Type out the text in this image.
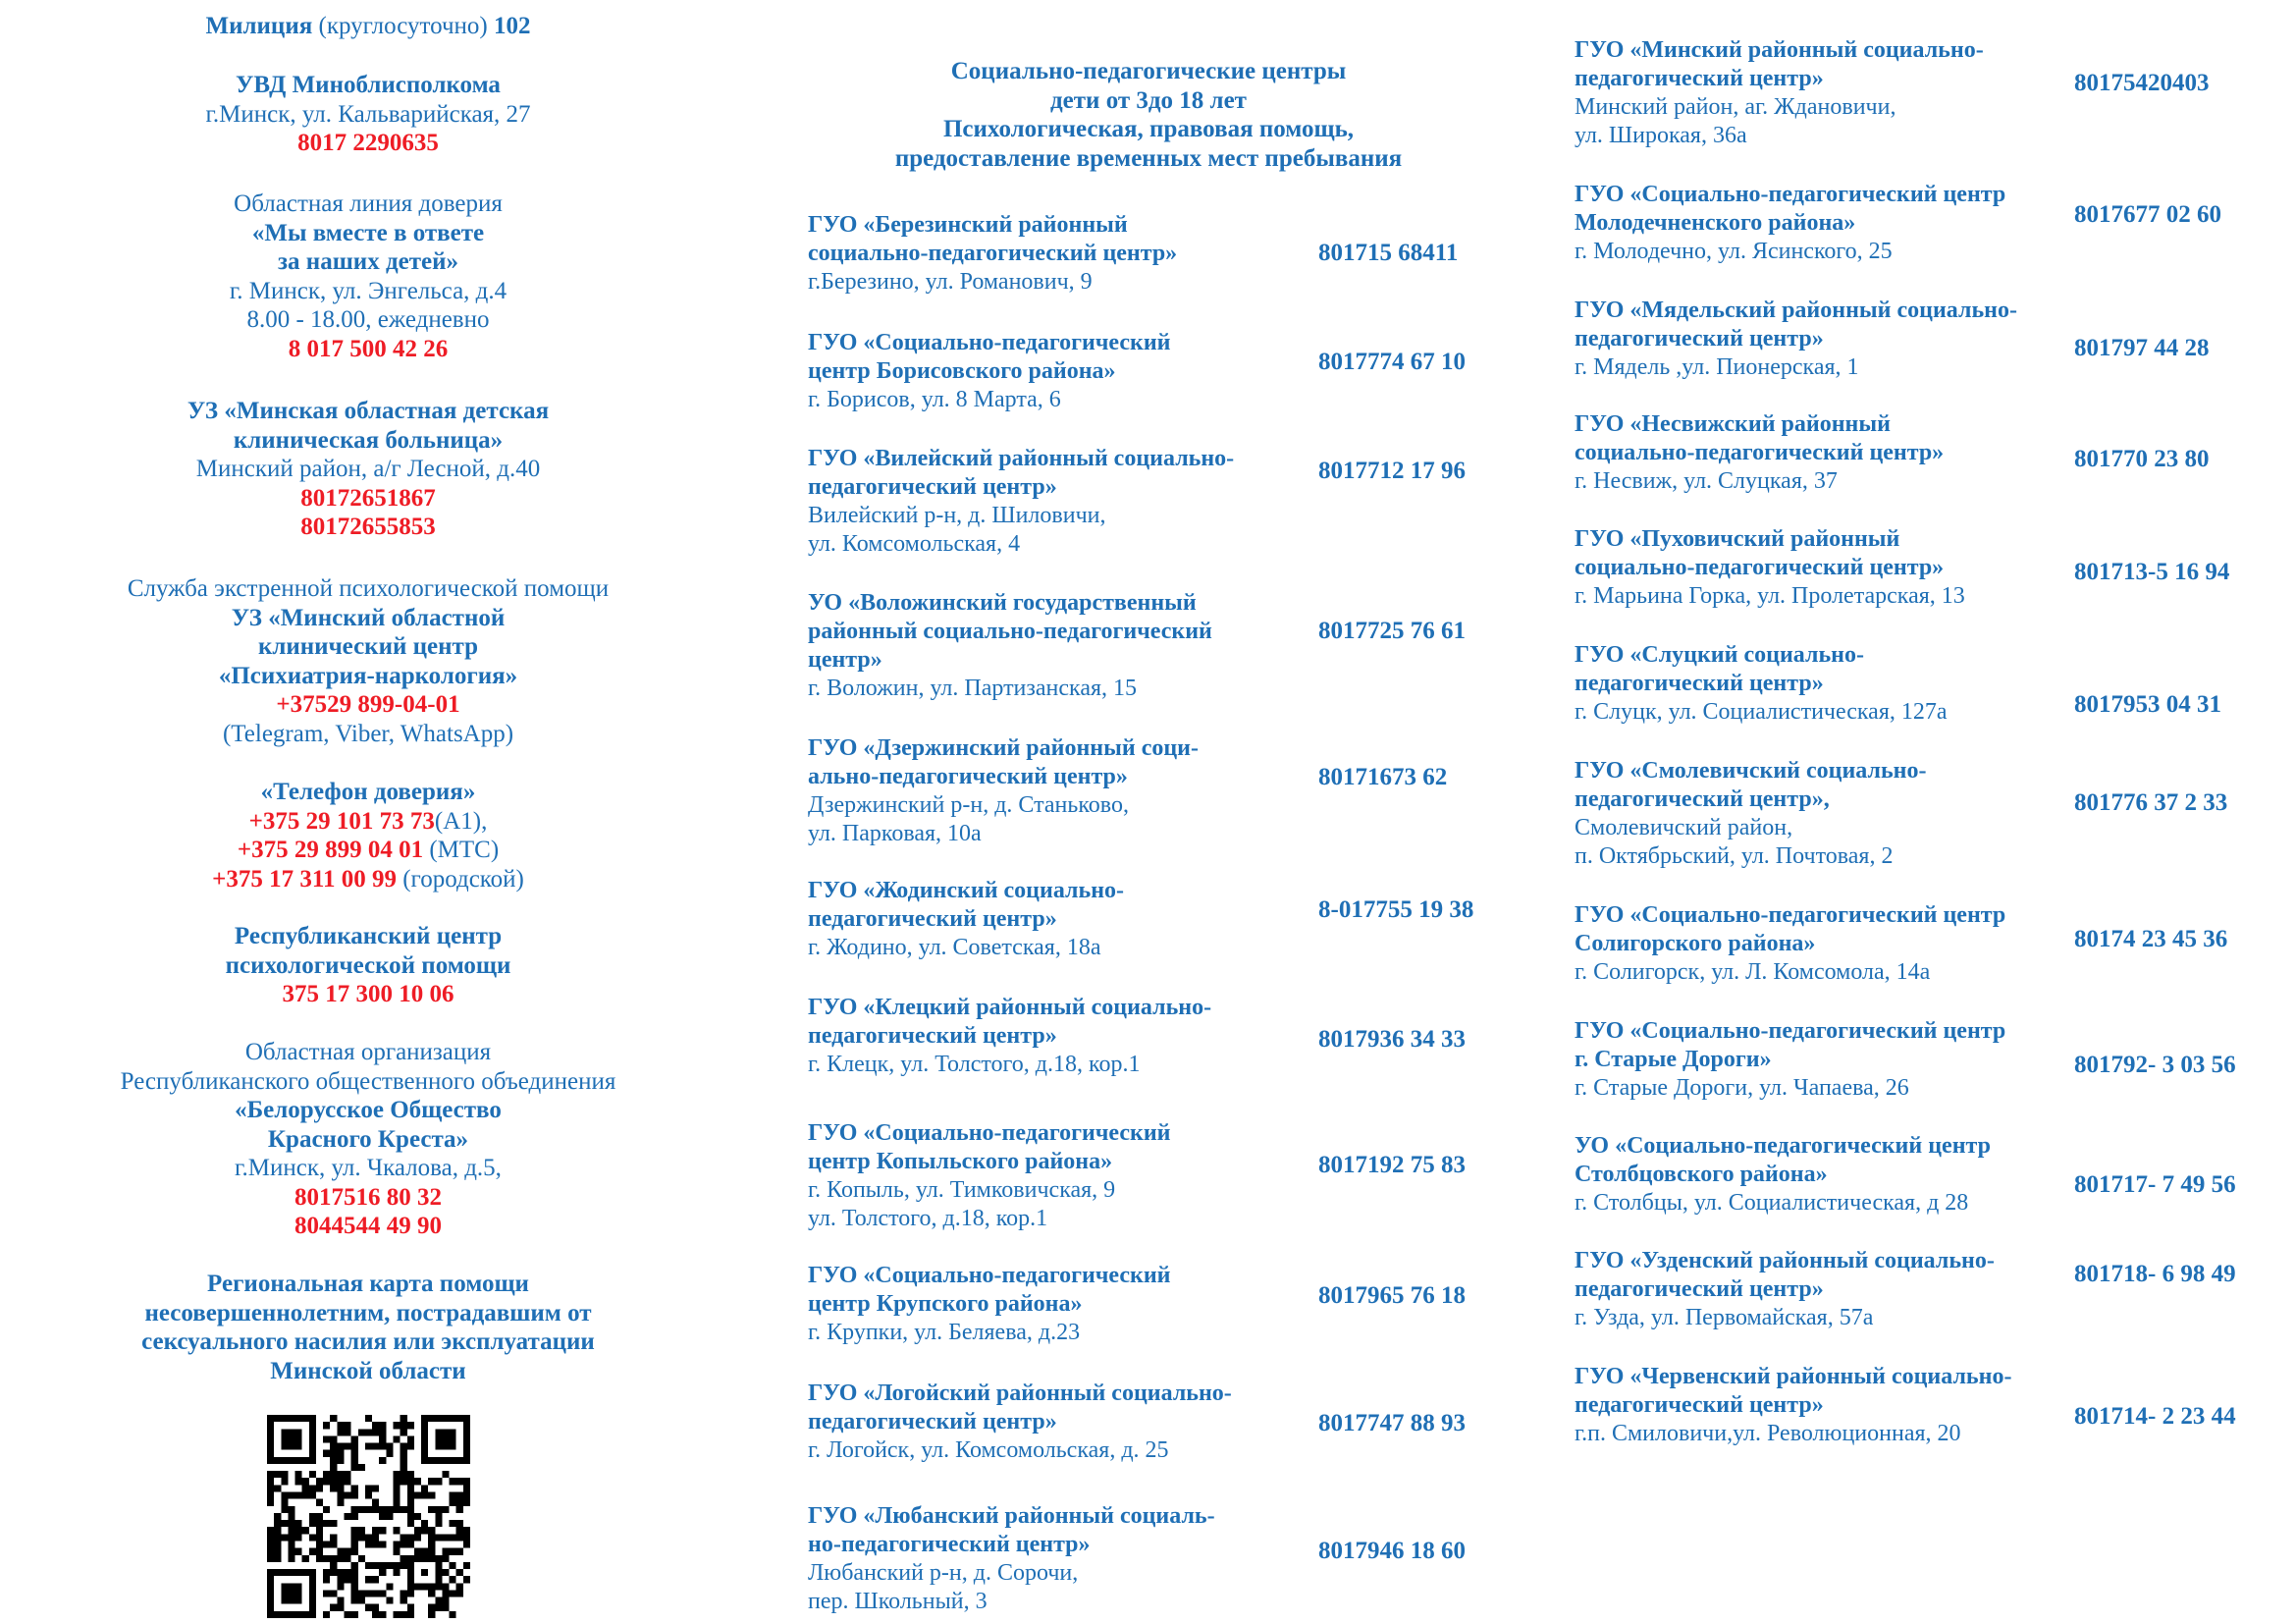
Милиция (круглосуточно) 102
УВД Миноблисполкома
г.Минск, ул. Кальварийская, 27
8017 2290635
Областная линия доверия
«Мы вместе в ответе
за наших детей»
г. Минск, ул. Энгельса, д.4
8.00 - 18.00, ежедневно
8 017 500 42 26
УЗ «Минская областная детская
клиническая больница»
Минский район, а/г Лесной, д.40
80172651867
80172655853
Служба экстренной психологической помощи
УЗ «Минский областной
клинический центр
«Психиатрия-наркология»
+37529 899-04-01
(Telegram, Viber, WhatsApp)
«Телефон доверия»
+375 29 101 73 73(А1),
+375 29 899 04 01 (МТС)
+375 17 311 00 99 (городской)
Республиканский центр
психологической помощи
375 17 300 10 06
Областная организация
Республиканского общественного объединения
«Белорусское Общество
Красного Креста»
г.Минск, ул. Чкалова, д.5,
8017516 80 32
8044544 49 90
Региональная карта помощи
несовершеннолетним, пострадавшим от
сексуального насилия или эксплуатации
Минской области
Социально-педагогические центры
дети от 3до 18 лет
Психологическая, правовая помощь,
предоставление временных мест пребывания
ГУО «Березинский районный
социально-педагогический центр»
г.Березино, ул. Романович, 9
801715 68411
ГУО «Социально-педагогический
центр Борисовского района»
г. Борисов, ул. 8 Марта, 6
8017774 67 10
ГУО «Вилейский районный социально-
педагогический центр»
Вилейский р-н, д. Шиловичи,
ул. Комсомольская, 4
8017712 17 96
УО «Воложинский государственный
районный социально-педагогический
центр»
г. Воложин, ул. Партизанская, 15
8017725 76 61
ГУО «Дзержинский районный соци-
ально-педагогический центр»
Дзержинский р-н, д. Станьково,
ул. Парковая, 10а
80171673 62
ГУО «Жодинский социально-
педагогический центр»
г. Жодино, ул. Советская, 18а
8-017755 19 38
ГУО «Клецкий районный социально-
педагогический центр»
г. Клецк, ул. Толстого, д.18, кор.1
8017936 34 33
ГУО «Социально-педагогический
центр Копыльского района»
г. Копыль, ул. Тимковичская, 9
ул. Толстого, д.18, кор.1
8017192 75 83
ГУО «Социально-педагогический
центр Крупского района»
г. Крупки, ул. Беляева, д.23
8017965 76 18
ГУО «Логойский районный социально-
педагогический центр»
г. Логойск, ул. Комсомольская, д. 25
8017747 88 93
ГУО «Любанский районный социаль-
но-педагогический центр»
Любанский р-н, д. Сорочи,
пер. Школьный, 3
8017946 18 60
ГУО «Минский районный социально-
педагогический центр»
Минский район, аг. Ждановичи,
ул. Широкая, 36а
80175420403
ГУО «Социально-педагогический центр
Молодечненского района»
г. Молодечно, ул. Ясинского, 25
8017677 02 60
ГУО «Мядельский районный социально-
педагогический центр»
г. Мядель ,ул. Пионерская, 1
801797 44 28
ГУО «Несвижский районный
социально-педагогический центр»
г. Несвиж, ул. Слуцкая, 37
801770 23 80
ГУО «Пуховичский районный
социально-педагогический центр»
г. Марьина Горка, ул. Пролетарская, 13
801713-5 16 94
ГУО «Слуцкий социально-
педагогический центр»
г. Слуцк, ул. Социалистическая, 127а	8017953 04 31
ГУО «Смолевичский социально-
педагогический центр»,
Смолевичский район,
п. Октябрьский, ул. Почтовая, 2
801776 37 2 33
ГУО «Социально-педагогический центр
Солигорского района»
г. Солигорск, ул. Л. Комсомола, 14а
80174 23 45 36
ГУО «Социально-педагогический центр
г. Старые Дороги»
г. Старые Дороги, ул. Чапаева, 26
801792- 3 03 56
УО «Социально-педагогический центр
Столбцовского района»
г. Столбцы, ул. Социалистическая, д 28
801717- 7 49 56
ГУО «Узденский районный социально-
педагогический центр»
г. Узда, ул. Первомайская, 57а
801718- 6 98 49
ГУО «Червенский районный социально-
педагогический центр»
г.п. Смиловичи,ул. Революционная, 20
801714- 2 23 44
